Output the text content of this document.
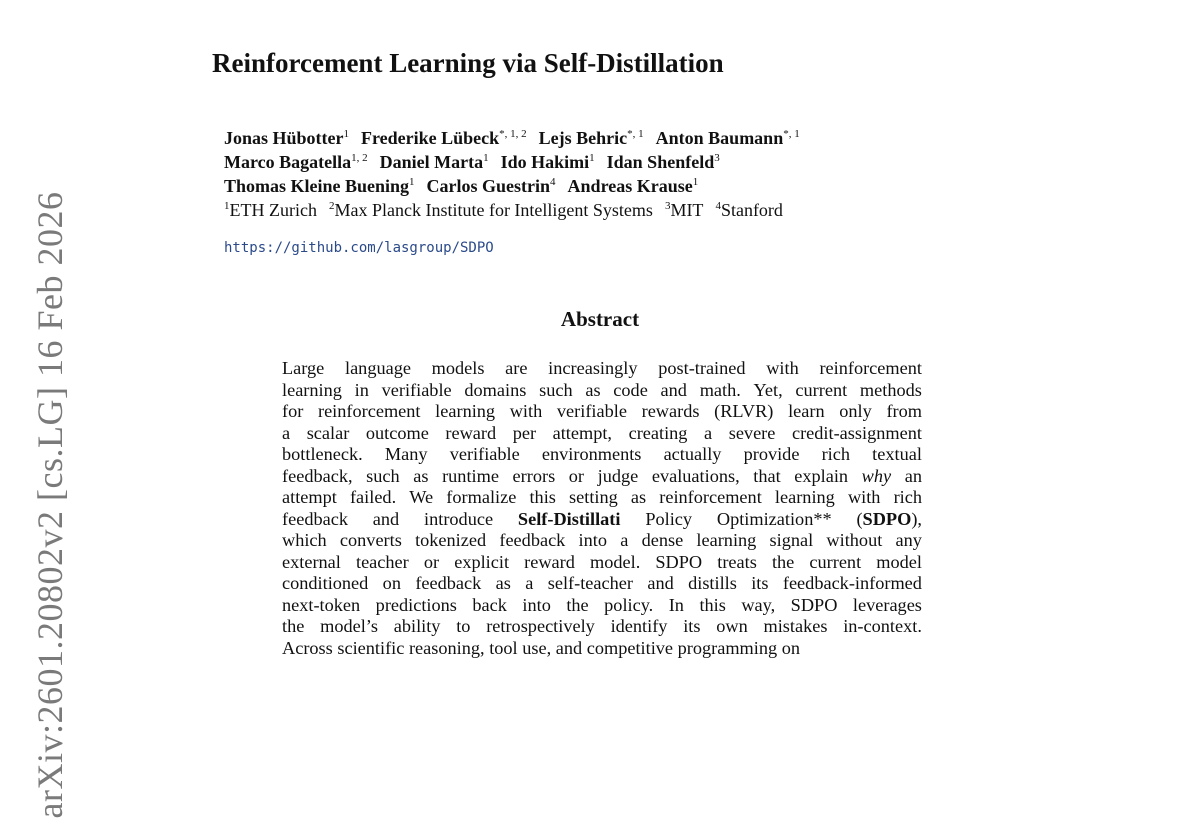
arXiv:2601.20802v2 [cs.LG] 16 Feb 2026
Reinforcement Learning via Self-Distillation
Jonas Hübotter$^1$ Frederike Lübeck$^{*, 1, 2}$ Lejs Behric$^{*, 1}$ Anton Baumann$^{*, 1}$
Marco Bagatella$^{1, 2}$ Daniel Marta$^1$ Ido Hakimi$^1$ Idan Shenfeld$^3$
Thomas Kleine Buening$^1$ Carlos Guestrin$^4$ Andreas Krause$^1$
$^1$ETH Zurich $^2$Max Planck Institute for Intelligent Systems $^3$MIT $^4$Stanford
https://github.com/lasgroup/SDPO
Abstract
Large language models are increasingly post-trained with reinforcement
learning in verifiable domains such as code and math. Yet, current methods
for reinforcement learning with verifiable rewards (RLVR) learn only from
a scalar outcome reward per attempt, creating a severe credit-assignment
bottleneck. Many verifiable environments actually provide rich textual
feedback, such as runtime errors or judge evaluations, that explain why an
attempt failed. We formalize this setting as reinforcement learning with rich
feedback and introduce Self-Distillati Policy Optimization** (SDPO),
which converts tokenized feedback into a dense learning signal without any
external teacher or explicit reward model. SDPO treats the current model
conditioned on feedback as a self-teacher and distills its feedback-informed
next-token predictions back into the policy. In this way, SDPO leverages
the model’s ability to retrospectively identify its own mistakes in-context.
Across scientific reasoning, tool use, and competitive programming on
